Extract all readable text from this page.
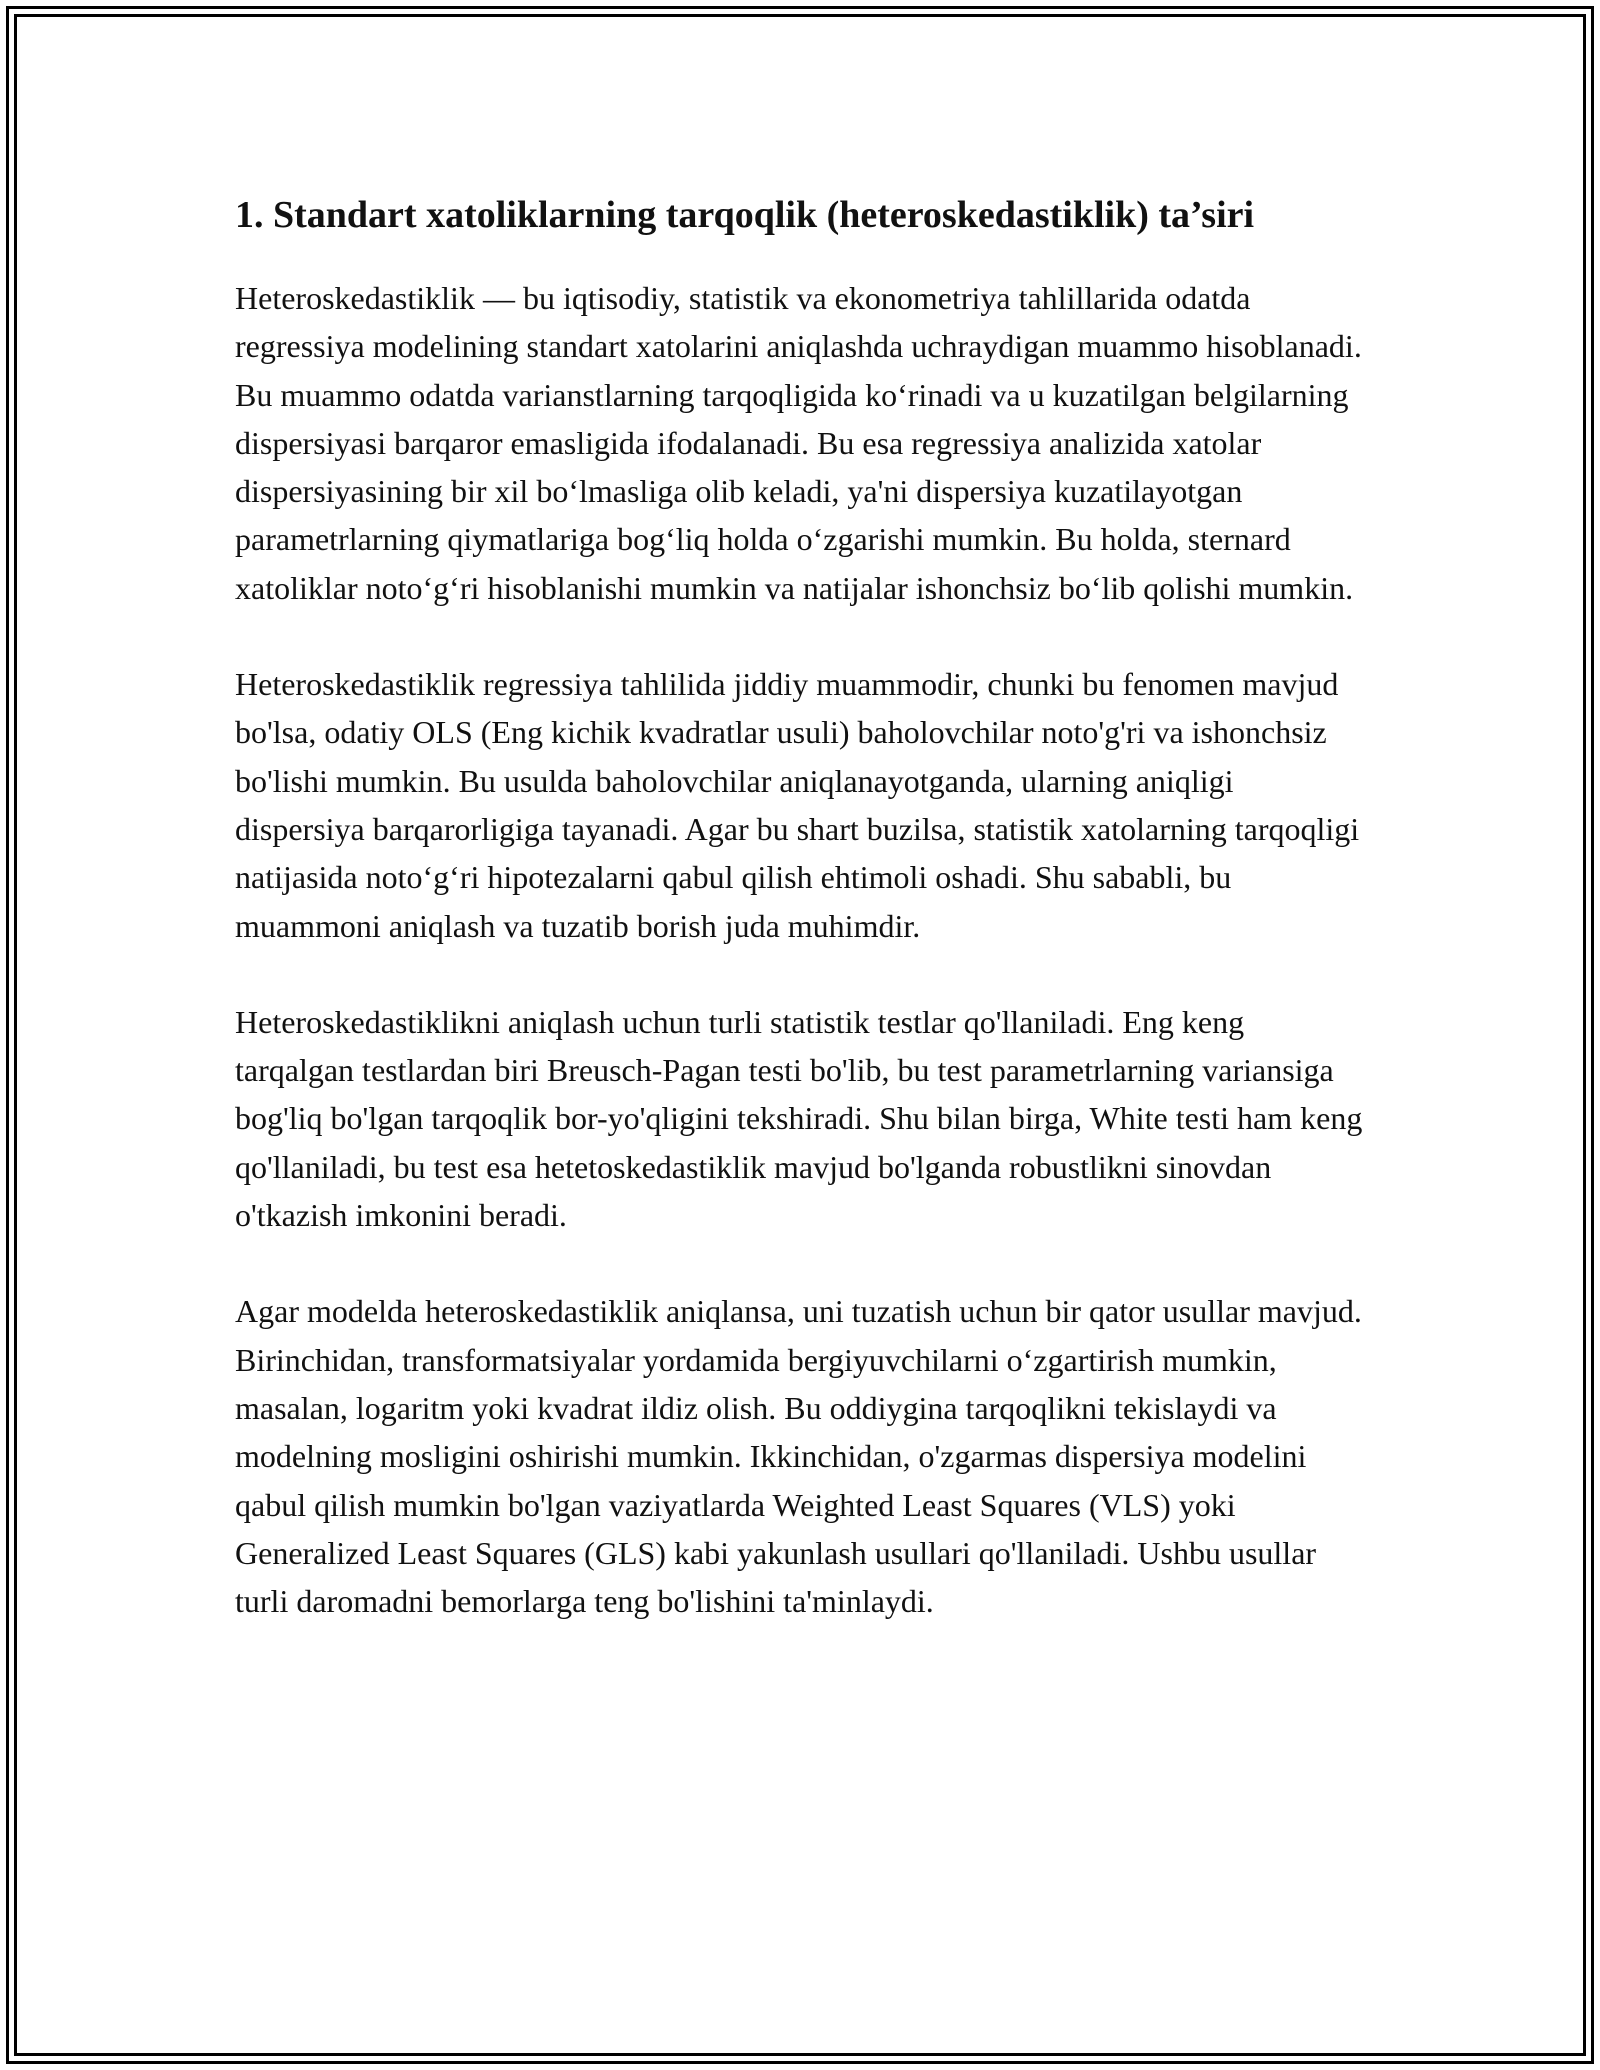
1. Standart xatoliklarning tarqoqlik (heteroskedastiklik) ta’siri

Heteroskedastiklik — bu iqtisodiy, statistik va ekonometriya tahlillarida odatda regressiya modelining standart xatolarini aniqlashda uchraydigan muammo hisoblanadi. Bu muammo odatda varianstlarning tarqoqligida koʻrinadi va u kuzatilgan belgilarning dispersiyasi barqaror emasligida ifodalanadi. Bu esa regressiya analizida xatolar dispersiyasining bir xil boʻlmasliga olib keladi, ya'ni dispersiya kuzatilayotgan parametrlarning qiymatlariga bogʻliq holda oʻzgarishi mumkin. Bu holda, sternard xatoliklar notoʻgʻri hisoblanishi mumkin va natijalar ishonchsiz boʻlib qolishi mumkin.

Heteroskedastiklik regressiya tahlilida jiddiy muammodir, chunki bu fenomen mavjud bo'lsa, odatiy OLS (Eng kichik kvadratlar usuli) baholovchilar noto'g'ri va ishonchsiz bo'lishi mumkin. Bu usulda baholovchilar aniqlanayotganda, ularning aniqligi dispersiya barqarorligiga tayanadi. Agar bu shart buzilsa, statistik xatolarning tarqoqligi natijasida notoʻgʻri hipotezalarni qabul qilish ehtimoli oshadi. Shu sababli, bu muammoni aniqlash va tuzatib borish juda muhimdir.

Heteroskedastiklikni aniqlash uchun turli statistik testlar qo'llaniladi. Eng keng tarqalgan testlardan biri Breusch-Pagan testi bo'lib, bu test parametrlarning variansiga bog'liq bo'lgan tarqoqlik bor-yo'qligini tekshiradi. Shu bilan birga, White testi ham keng qo'llaniladi, bu test esa hetetoskedastiklik mavjud bo'lganda robustlikni sinovdan o'tkazish imkonini beradi.

Agar modelda heteroskedastiklik aniqlansa, uni tuzatish uchun bir qator usullar mavjud. Birinchidan, transformatsiyalar yordamida bergiyuvchilarni oʻzgartirish mumkin, masalan, logaritm yoki kvadrat ildiz olish. Bu oddiygina tarqoqlikni tekislaydi va modelning mosligini oshirishi mumkin. Ikkinchidan, o'zgarmas dispersiya modelini qabul qilish mumkin bo'lgan vaziyatlarda Weighted Least Squares (VLS) yoki Generalized Least Squares (GLS) kabi yakunlash usullari qo'llaniladi. Ushbu usullar turli daromadni bemorlarga teng bo'lishini ta'minlaydi.
